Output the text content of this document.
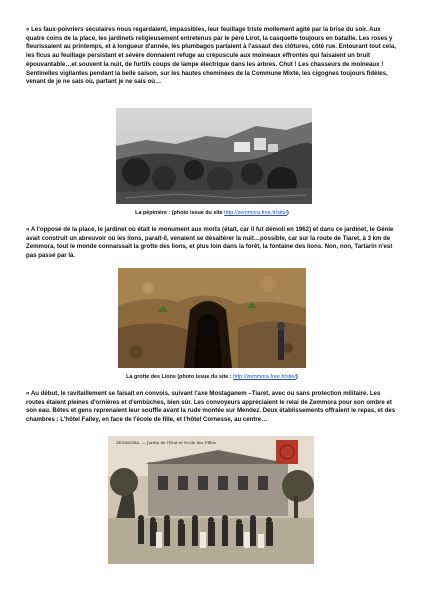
« Les faux-poivriers séculaires nous regardaient, impassibles, leur feuillage triste mollement agité par la brise du soir. Aux quatre coins de la place, les jardinets religieusement entretenus par le père Lirot, la casquette toujours en bataille. Les roses y fleurissaient au printemps, et à longueur d'année, les plumbagos partaient à l'assaut des clôtures, côté rue. Entourant tout cela, les ficus au feuillage persistant et sévère donnaient refuge au crépuscule aux moineaux effrontés qui faisaient un bruit épouvantable…et souvent la nuit, de furtifs coups de lampe électrique dans les arbres. Chut ! Les chasseurs de moineaux ! Sentinelles vigilantes pendant la belle saison, sur les hautes cheminées de la Commune Mixte, les cigognes toujours fidèles, venant de je ne sais où, partant je ne sais où…

La pépinière : (photo issue du site http://zemmora.free.fr/site/)

« A l'opposé de la place, le jardinet où était le monument aux morts (était, car il fut démoli en 1962) et dans ce jardinet, le Génie avait construit un abreuvoir où les lions, paraît-il, venaient se désaltérer la nuit…possible, car sur la route de Tiaret, à 3 km de Zemmora, tout le monde connaissait la grotte des lions, et plus loin dans la forêt, la fontaine des lions. Non, non, Tartarin n'est pas passé par là.

La grotte des Lions (photo issue du site : http://zemmora.free.fr/site/)

« Au début, le ravitaillement se faisait en convois, suivant l'axe Mostaganem –Tiaret, avec ou sans protection militaire. Les routes étaient pleines d'ornières et d'embûches, bien sûr. Les convoyeurs appréciaient le relai de Zemmora pour son ombre et son eau. Bêtes et gens reprenaient leur souffle avant la rude montée sur Mendez. Deux établissements offraient le repas, et des chambres : L'hôtel Falley, en face de l'école de fille, et l'hôtel Cornesse, au centre…

ZEMMORA. — Jardin de l'Etat et Ecole des Filles
